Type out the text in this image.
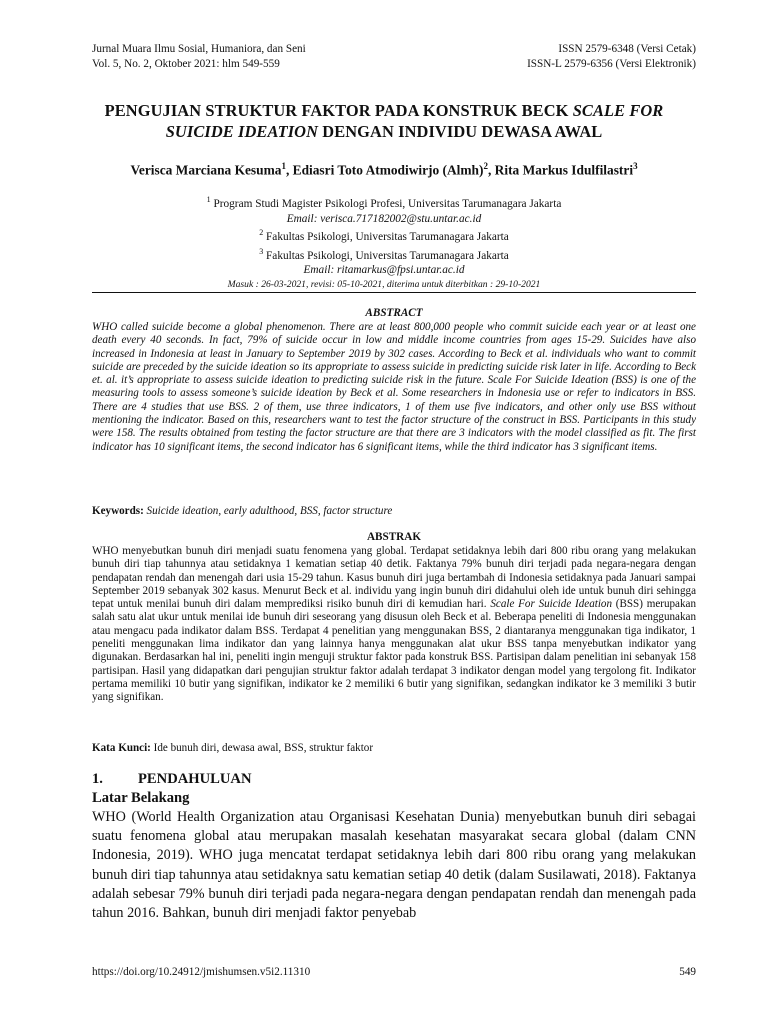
Jurnal Muara Ilmu Sosial, Humaniora, dan Seni	ISSN 2579-6348 (Versi Cetak)
Vol. 5, No. 2, Oktober 2021: hlm 549-559	ISSN-L 2579-6356 (Versi Elektronik)
PENGUJIAN STRUKTUR FAKTOR PADA KONSTRUK BECK SCALE FOR SUICIDE IDEATION DENGAN INDIVIDU DEWASA AWAL
Verisca Marciana Kesuma$^1$, Ediasri Toto Atmodiwirjo (Almh)$^2$, Rita Markus Idulfilastri$^3$
$^1$ Program Studi Magister Psikologi Profesi, Universitas Tarumanagara Jakarta
Email: verisca.717182002@stu.untar.ac.id
$^2$ Fakultas Psikologi, Universitas Tarumanagara Jakarta
$^3$ Fakultas Psikologi, Universitas Tarumanagara Jakarta
Email: ritamarkus@fpsi.untar.ac.id
Masuk : 26-03-2021, revisi: 05-10-2021, diterima untuk diterbitkan : 29-10-2021
ABSTRACT
WHO called suicide become a global phenomenon. There are at least 800,000 people who commit suicide each year or at least one death every 40 seconds. In fact, 79% of suicide occur in low and middle income countries from ages 15-29. Suicides have also increased in Indonesia at least in January to September 2019 by 302 cases. According to Beck et al. individuals who want to commit suicide are preceded by the suicide ideation so its appropriate to assess suicide in predicting suicide risk later in life. According to Beck et. al. it’s appropriate to assess suicide ideation to predicting suicide risk in the future. Scale For Suicide Ideation (BSS) is one of the measuring tools to assess someone’s suicide ideation by Beck et al. Some researchers in Indonesia use or refer to indicators in BSS. There are 4 studies that use BSS. 2 of them, use three indicators, 1 of them use five indicators, and other only use BSS without mentioning the indicator. Based on this, researchers want to test the factor structure of the construct in BSS. Participants in this study were 158. The results obtained from testing the factor structure are that there are 3 indicators with the model classified as fit. The first indicator has 10 significant items, the second indicator has 6 significant items, while the third indicator has 3 significant items.
Keywords: Suicide ideation, early adulthood, BSS, factor structure
ABSTRAK
WHO menyebutkan bunuh diri menjadi suatu fenomena yang global. Terdapat setidaknya lebih dari 800 ribu orang yang melakukan bunuh diri tiap tahunnya atau setidaknya 1 kematian setiap 40 detik. Faktanya 79% bunuh diri terjadi pada negara-negara dengan pendapatan rendah dan menengah dari usia 15-29 tahun. Kasus bunuh diri juga bertambah di Indonesia setidaknya pada Januari sampai September 2019 sebanyak 302 kasus. Menurut Beck et al. individu yang ingin bunuh diri didahului oleh ide untuk bunuh diri sehingga tepat untuk menilai bunuh diri dalam memprediksi risiko bunuh diri di kemudian hari. Scale For Suicide Ideation (BSS) merupakan salah satu alat ukur untuk menilai ide bunuh diri seseorang yang disusun oleh Beck et al. Beberapa peneliti di Indonesia menggunakan atau mengacu pada indikator dalam BSS. Terdapat 4 penelitian yang menggunakan BSS, 2 diantaranya menggunakan tiga indikator, 1 peneliti menggunakan lima indikator dan yang lainnya hanya menggunakan alat ukur BSS tanpa menyebutkan indikator yang digunakan. Berdasarkan hal ini, peneliti ingin menguji struktur faktor pada konstruk BSS. Partisipan dalam penelitian ini sebanyak 158 partisipan. Hasil yang didapatkan dari pengujian struktur faktor adalah terdapat 3 indikator dengan model yang tergolong fit. Indikator pertama memiliki 10 butir yang signifikan, indikator ke 2 memiliki 6 butir yang signifikan, sedangkan indikator ke 3 memiliki 3 butir yang signifikan.
Kata Kunci: Ide bunuh diri, dewasa awal, BSS, struktur faktor
1. PENDAHULUAN
Latar Belakang
WHO (World Health Organization atau Organisasi Kesehatan Dunia) menyebutkan bunuh diri sebagai suatu fenomena global atau merupakan masalah kesehatan masyarakat secara global (dalam CNN Indonesia, 2019). WHO juga mencatat terdapat setidaknya lebih dari 800 ribu orang yang melakukan bunuh diri tiap tahunnya atau setidaknya satu kematian setiap 40 detik (dalam Susilawati, 2018). Faktanya adalah sebesar 79% bunuh diri terjadi pada negara-negara dengan pendapatan rendah dan menengah pada tahun 2016. Bahkan, bunuh diri menjadi faktor penyebab
https://doi.org/10.24912/jmishumsen.v5i2.11310	549
